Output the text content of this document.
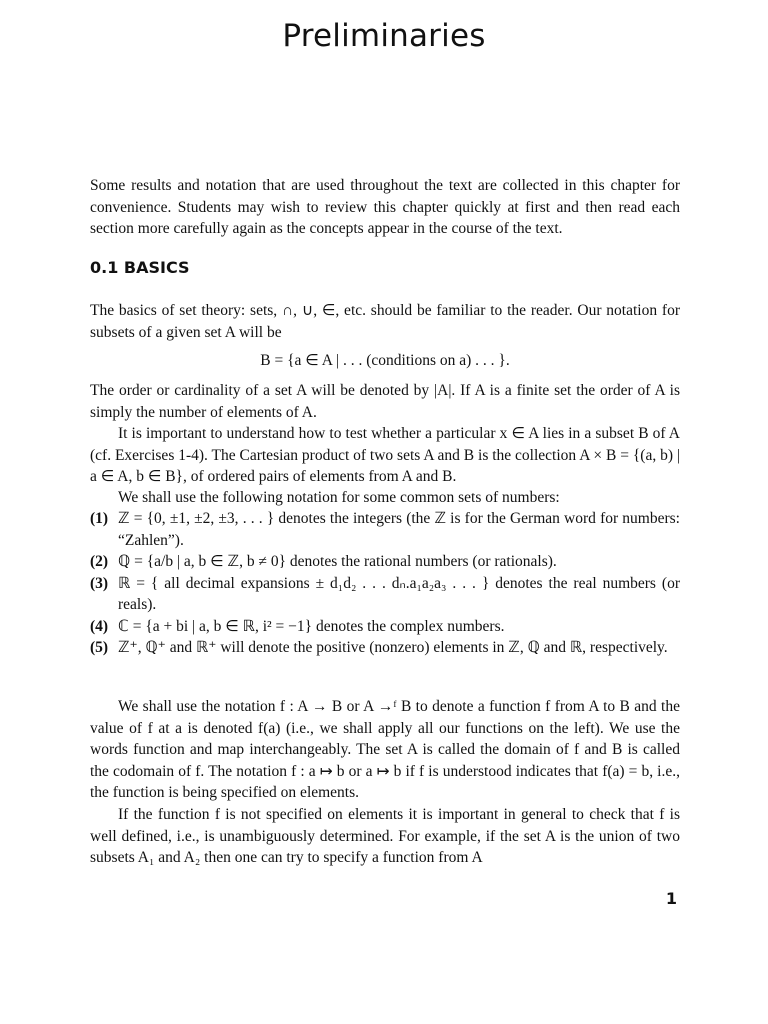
Preliminaries
Some results and notation that are used throughout the text are collected in this chapter for convenience. Students may wish to review this chapter quickly at first and then read each section more carefully again as the concepts appear in the course of the text.
0.1 BASICS
The basics of set theory: sets, ∩, ∪, ∈, etc. should be familiar to the reader. Our notation for subsets of a given set A will be
B = {a ∈ A | . . . (conditions on a) . . . }.
The order or cardinality of a set A will be denoted by |A|. If A is a finite set the order of A is simply the number of elements of A.
It is important to understand how to test whether a particular x ∈ A lies in a subset B of A (cf. Exercises 1-4). The Cartesian product of two sets A and B is the collection A × B = {(a, b) | a ∈ A, b ∈ B}, of ordered pairs of elements from A and B.
We shall use the following notation for some common sets of numbers:
(1) ℤ = {0, ±1, ±2, ±3, . . . } denotes the integers (the ℤ is for the German word for numbers: “Zahlen”).
(2) ℚ = {a/b | a, b ∈ ℤ, b ≠ 0} denotes the rational numbers (or rationals).
(3) ℝ = { all decimal expansions ± d₁d₂ . . . dₙ.a₁a₂a₃ . . . } denotes the real numbers (or reals).
(4) ℂ = {a + bi | a, b ∈ ℝ, i² = −1} denotes the complex numbers.
(5) ℤ⁺, ℚ⁺ and ℝ⁺ will denote the positive (nonzero) elements in ℤ, ℚ and ℝ, respectively.
We shall use the notation f : A → B or A →ᶠ B to denote a function f from A to B and the value of f at a is denoted f(a) (i.e., we shall apply all our functions on the left). We use the words function and map interchangeably. The set A is called the domain of f and B is called the codomain of f. The notation f : a ↦ b or a ↦ b if f is understood indicates that f(a) = b, i.e., the function is being specified on elements.
If the function f is not specified on elements it is important in general to check that f is well defined, i.e., is unambiguously determined. For example, if the set A is the union of two subsets A₁ and A₂ then one can try to specify a function from A
1
